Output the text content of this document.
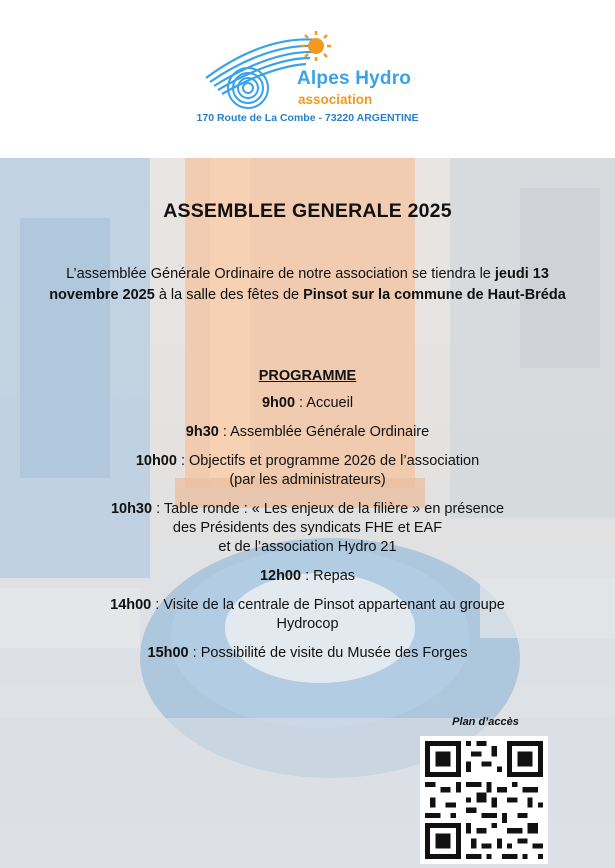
Alpes Hydro
association
170 Route de La Combe - 73220 ARGENTINE
ASSEMBLEE GENERALE 2025
L’assemblée Générale Ordinaire de notre association se tiendra le jeudi 13 novembre 2025 à la salle des fêtes de Pinsot sur la commune de Haut-Bréda
PROGRAMME
9h00 : Accueil
9h30 : Assemblée Générale Ordinaire
10h00 : Objectifs et programme 2026 de l’association
(par les administrateurs)
10h30 : Table ronde : « Les enjeux de la filière » en présence
des Présidents des syndicats FHE et EAF
et de l’association Hydro 21
12h00 : Repas
14h00 : Visite de la centrale de Pinsot appartenant au groupe
Hydrocop
15h00 : Possibilité de visite du Musée des Forges
Plan d’accès
